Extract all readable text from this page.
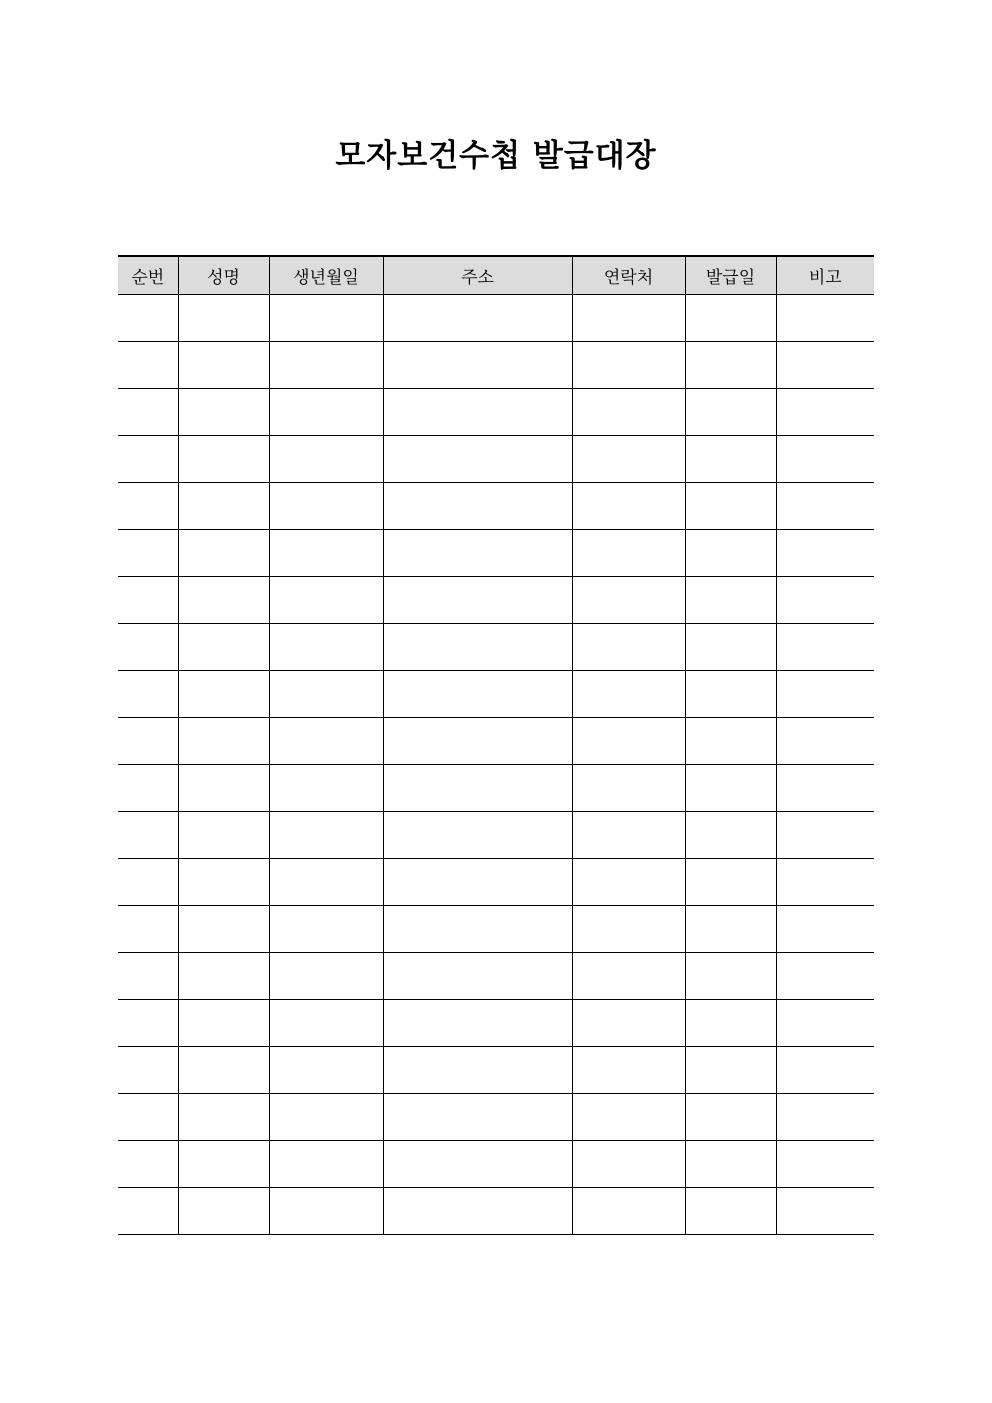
모자보건수첩 발급대장
순번	성명	생년월일	주소	연락처	발급일	비고
